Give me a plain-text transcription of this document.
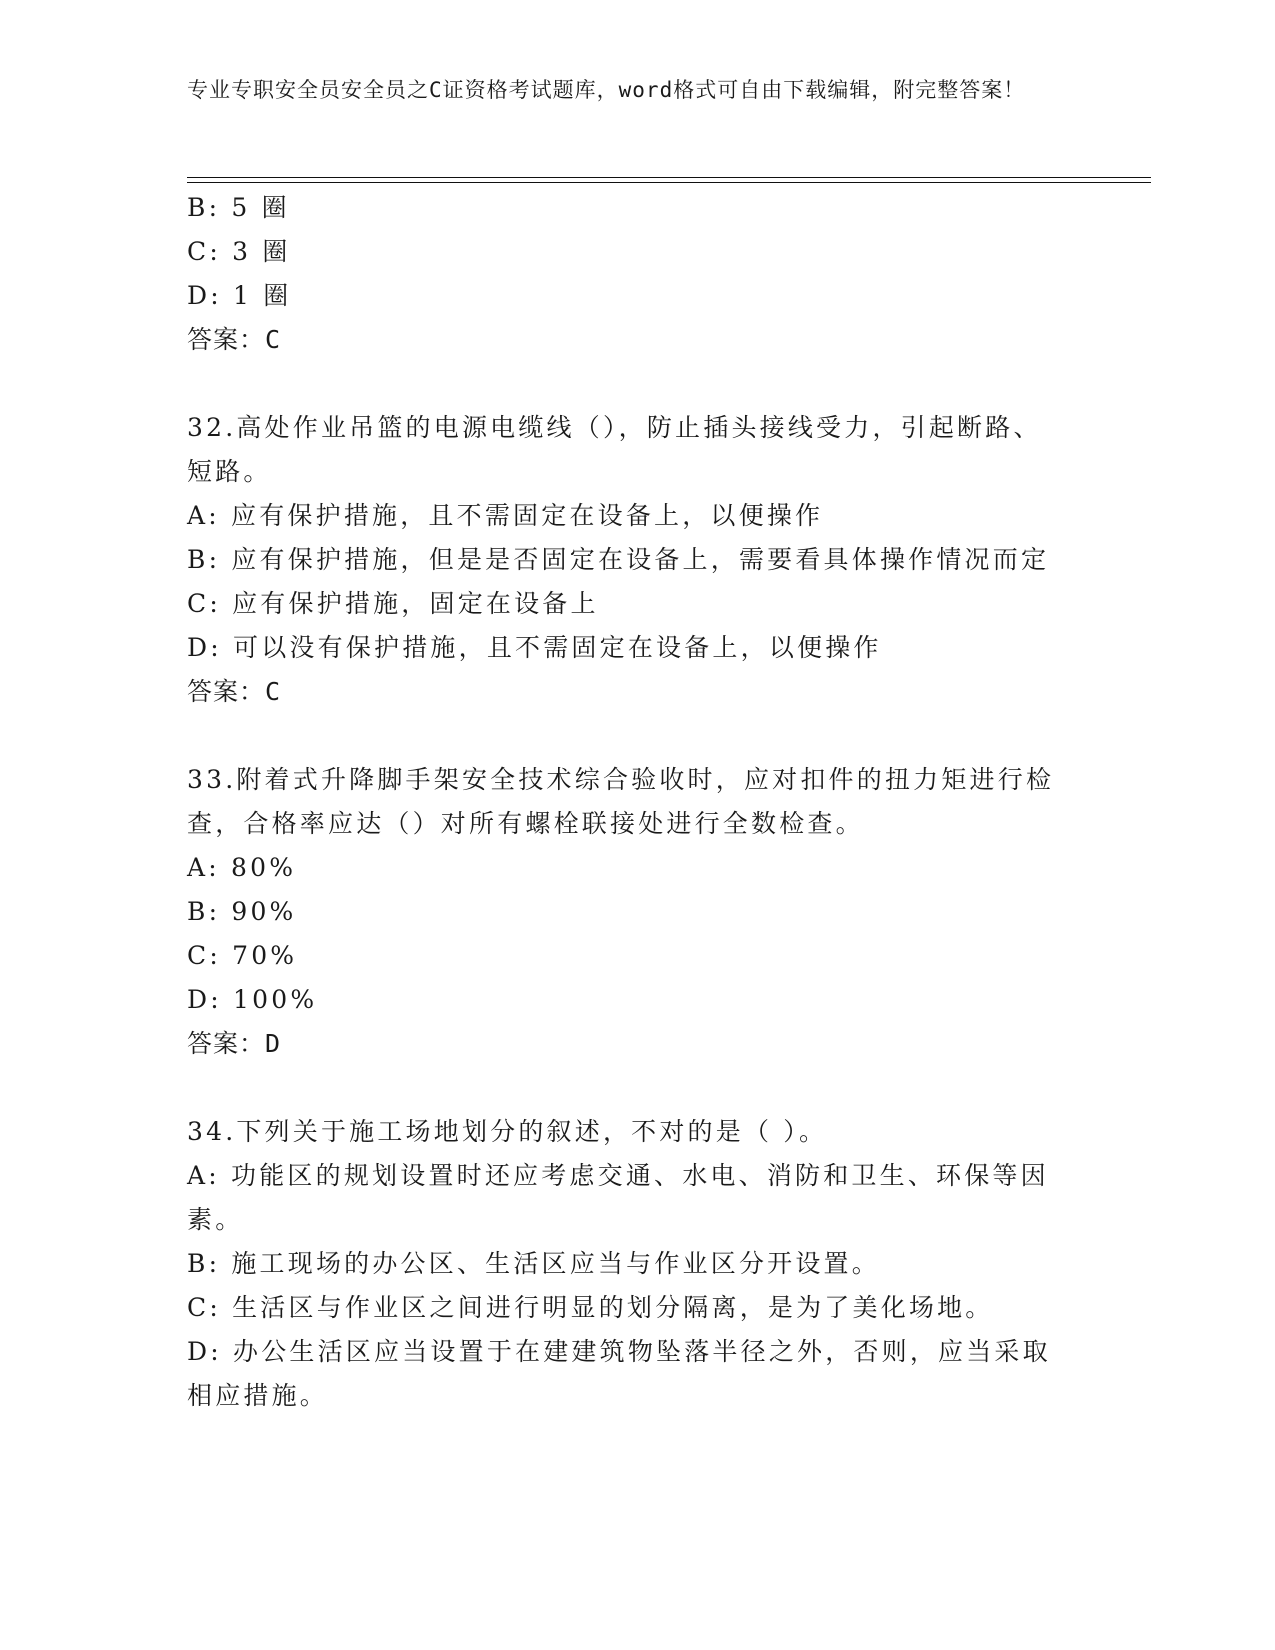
专业专职安全员安全员之C证资格考试题库，word格式可自由下载编辑，附完整答案！
B: 5 圈
C: 3 圈
D: 1 圈
答案：C
32.高处作业吊篮的电源电缆线（），防止插头接线受力，引起断路、
短路。
A: 应有保护措施，且不需固定在设备上，以便操作
B: 应有保护措施，但是是否固定在设备上，需要看具体操作情况而定
C: 应有保护措施，固定在设备上
D: 可以没有保护措施，且不需固定在设备上，以便操作
答案：C
33.附着式升降脚手架安全技术综合验收时，应对扣件的扭力矩进行检
查，合格率应达（）对所有螺栓联接处进行全数检查。
A: 80%
B: 90%
C: 70%
D: 100%
答案：D
34.下列关于施工场地划分的叙述，不对的是（ ）。
A: 功能区的规划设置时还应考虑交通、水电、消防和卫生、环保等因
素。
B: 施工现场的办公区、生活区应当与作业区分开设置。
C: 生活区与作业区之间进行明显的划分隔离，是为了美化场地。
D: 办公生活区应当设置于在建建筑物坠落半径之外，否则，应当采取
相应措施。
